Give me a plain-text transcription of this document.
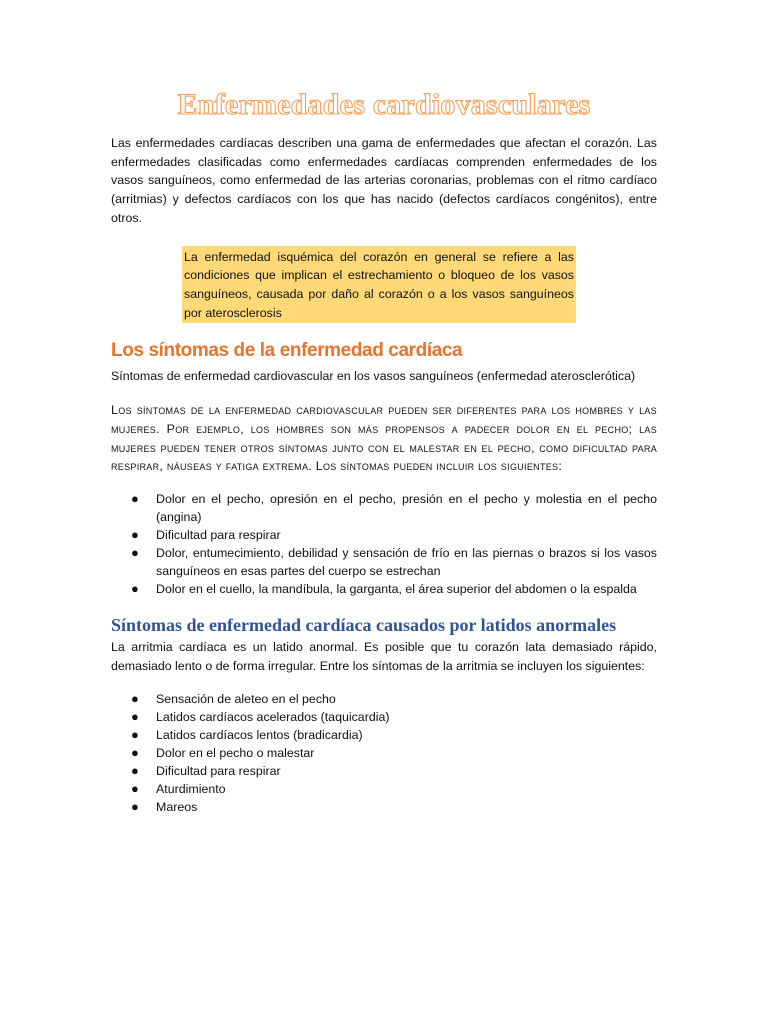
Enfermedades cardiovasculares

Las enfermedades cardíacas describen una gama de enfermedades que afectan el corazón. Las enfermedades clasificadas como enfermedades cardíacas comprenden enfermedades de los vasos sanguíneos, como enfermedad de las arterias coronarias, problemas con el ritmo cardíaco (arritmias) y defectos cardíacos con los que has nacido (defectos cardíacos congénitos), entre otros.

La enfermedad isquémica del corazón en general se refiere a las condiciones que implican el estrechamiento o bloqueo de los vasos sanguíneos, causada por daño al corazón o a los vasos sanguíneos por aterosclerosis
Los síntomas de la enfermedad cardíaca

Síntomas de enfermedad cardiovascular en los vasos sanguíneos (enfermedad aterosclerótica)

Los síntomas de la enfermedad cardiovascular pueden ser diferentes para los hombres y las mujeres. Por ejemplo, los hombres son más propensos a padecer dolor en el pecho; las mujeres pueden tener otros síntomas junto con el malestar en el pecho, como dificultad para respirar, náuseas y fatiga extrema. Los síntomas pueden incluir los siguientes:

● Dolor en el pecho, opresión en el pecho, presión en el pecho y molestia en el pecho (angina)
● Dificultad para respirar
● Dolor, entumecimiento, debilidad y sensación de frío en las piernas o brazos si los vasos sanguíneos en esas partes del cuerpo se estrechan
● Dolor en el cuello, la mandíbula, la garganta, el área superior del abdomen o la espalda
Síntomas de enfermedad cardíaca causados por latidos anormales

La arritmia cardíaca es un latido anormal. Es posible que tu corazón lata demasiado rápido, demasiado lento o de forma irregular. Entre los síntomas de la arritmia se incluyen los siguientes:

● Sensación de aleteo en el pecho
● Latidos cardíacos acelerados (taquicardia)
● Latidos cardíacos lentos (bradicardia)
● Dolor en el pecho o malestar
● Dificultad para respirar
● Aturdimiento
● Mareos
